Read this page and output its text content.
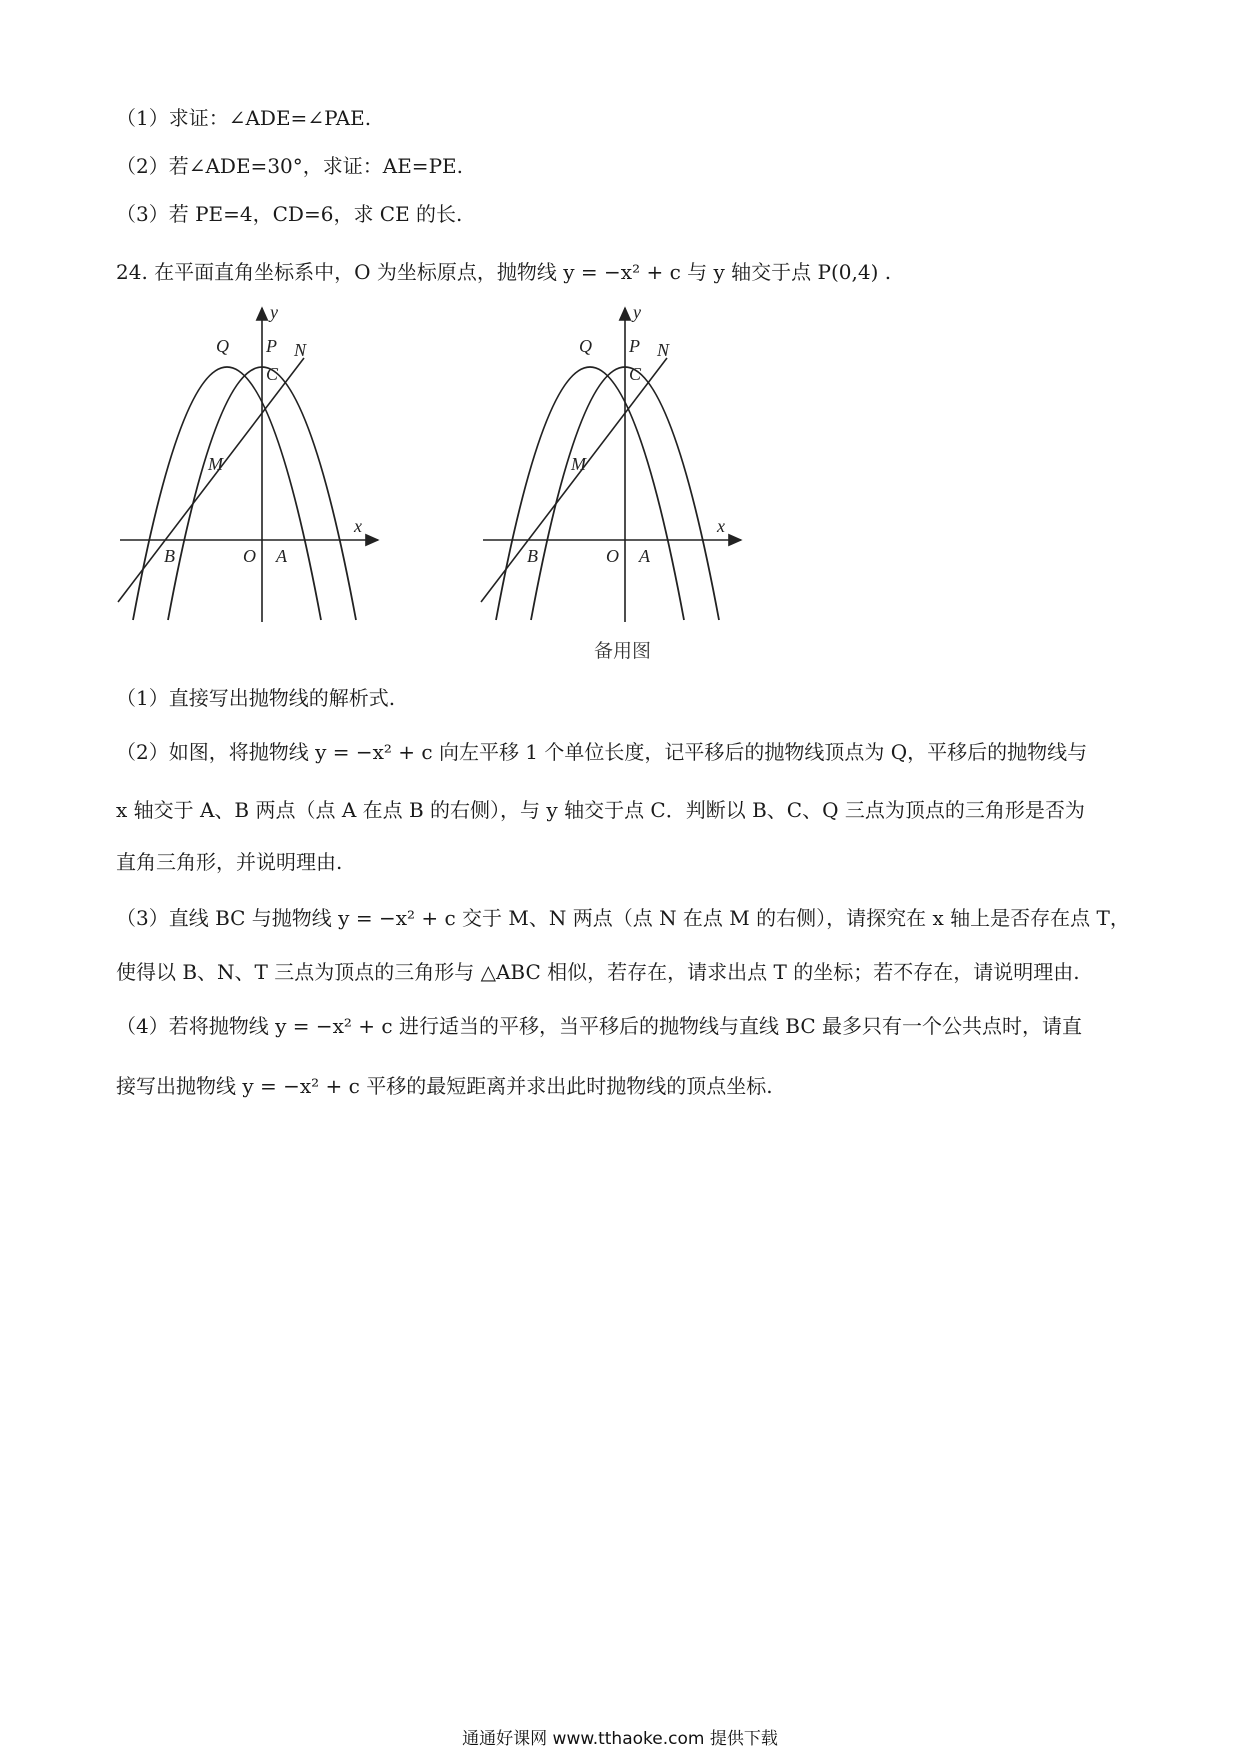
（1）求证：∠ADE=∠PAE.
（2）若∠ADE=30°，求证：AE=PE.
（3）若 PE=4，CD=6，求 CE 的长.
24. 在平面直角坐标系中，O 为坐标原点，抛物线 y = −x² + c 与 y 轴交于点 P(0,4) .
y
x
O A
B
C
M
N
P
Q
y
x
O A
B
C
M
N
P
Q
备用图
（1）直接写出抛物线的解析式.
（2）如图，将抛物线 y = −x² + c 向左平移 1 个单位长度，记平移后的抛物线顶点为 Q，平移后的抛物线与
x 轴交于 A、B 两点（点 A 在点 B 的右侧），与 y 轴交于点 C．判断以 B、C、Q 三点为顶点的三角形是否为
直角三角形，并说明理由.
（3）直线 BC 与抛物线 y = −x² + c 交于 M、N 两点（点 N 在点 M 的右侧），请探究在 x 轴上是否存在点 T，
使得以 B、N、T 三点为顶点的三角形与 △ABC 相似，若存在，请求出点 T 的坐标；若不存在，请说明理由.
（4）若将抛物线 y = −x² + c 进行适当的平移，当平移后的抛物线与直线 BC 最多只有一个公共点时，请直
接写出抛物线 y = −x² + c 平移的最短距离并求出此时抛物线的顶点坐标.
通通好课网 www.tthaoke.com 提供下载
